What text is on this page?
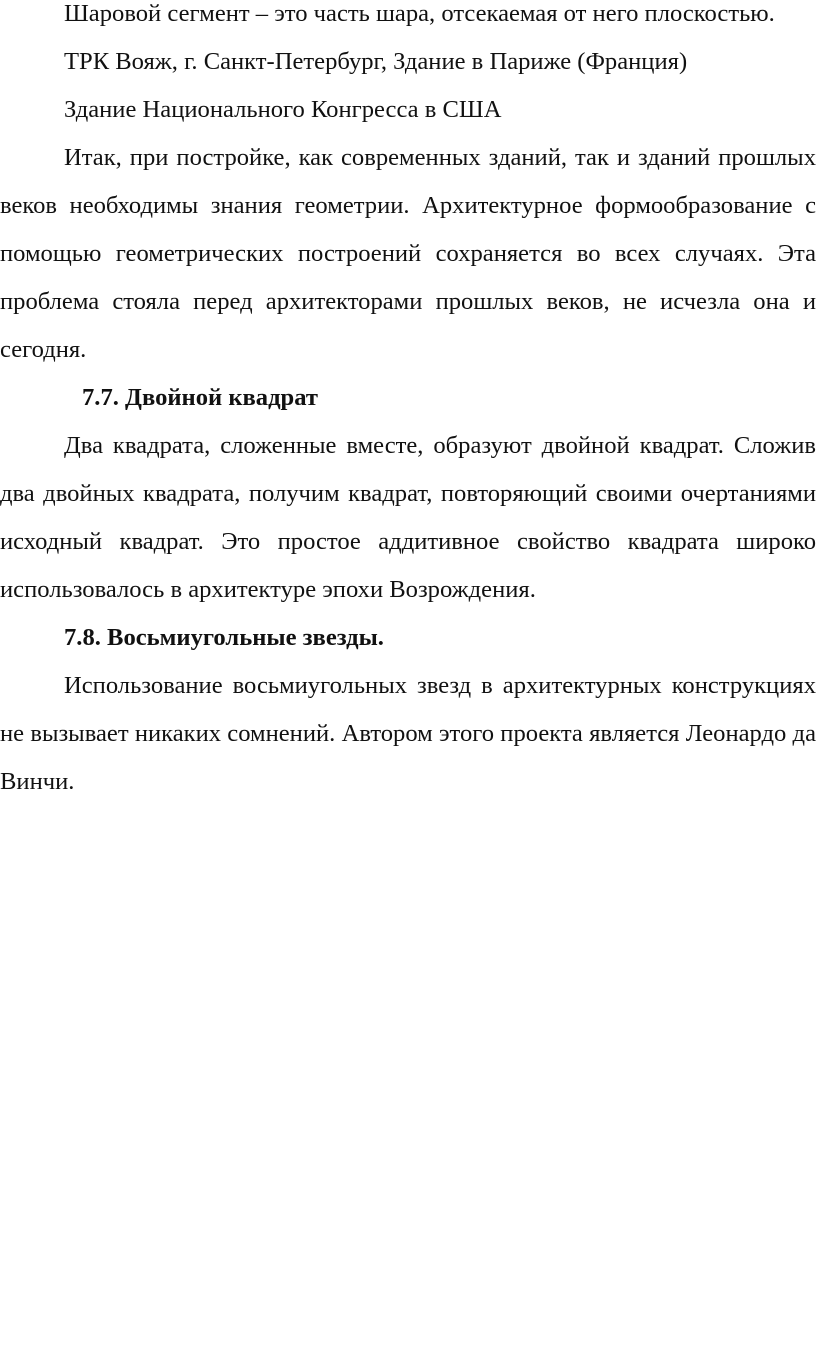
Шаровой сегмент – это часть шара, отсекаемая от него плоскостью.

ТРК Вояж, г. Санкт-Петербург, Здание в Париже (Франция)

Здание Национального Конгресса в США

Итак, при постройке, как современных зданий, так и зданий прошлых веков необходимы знания геометрии. Архитектурное формообразование с помощью геометрических построений сохраняется во всех случаях. Эта проблема стояла перед архитекторами прошлых веков, не исчезла она и сегодня.

7.7. Двойной квадрат

Два квадрата, сложенные вместе, образуют двойной квадрат. Сложив два двойных квадрата, получим квадрат, повторяющий своими очертаниями исходный квадрат. Это простое аддитивное свойство квадрата широко использовалось в архитектуре эпохи Возрождения.

7.8. Восьмиугольные звезды.

Использование восьмиугольных звезд в архитектурных конструкциях не вызывает никаких сомнений. Автором этого проекта является Леонардо да Винчи.
